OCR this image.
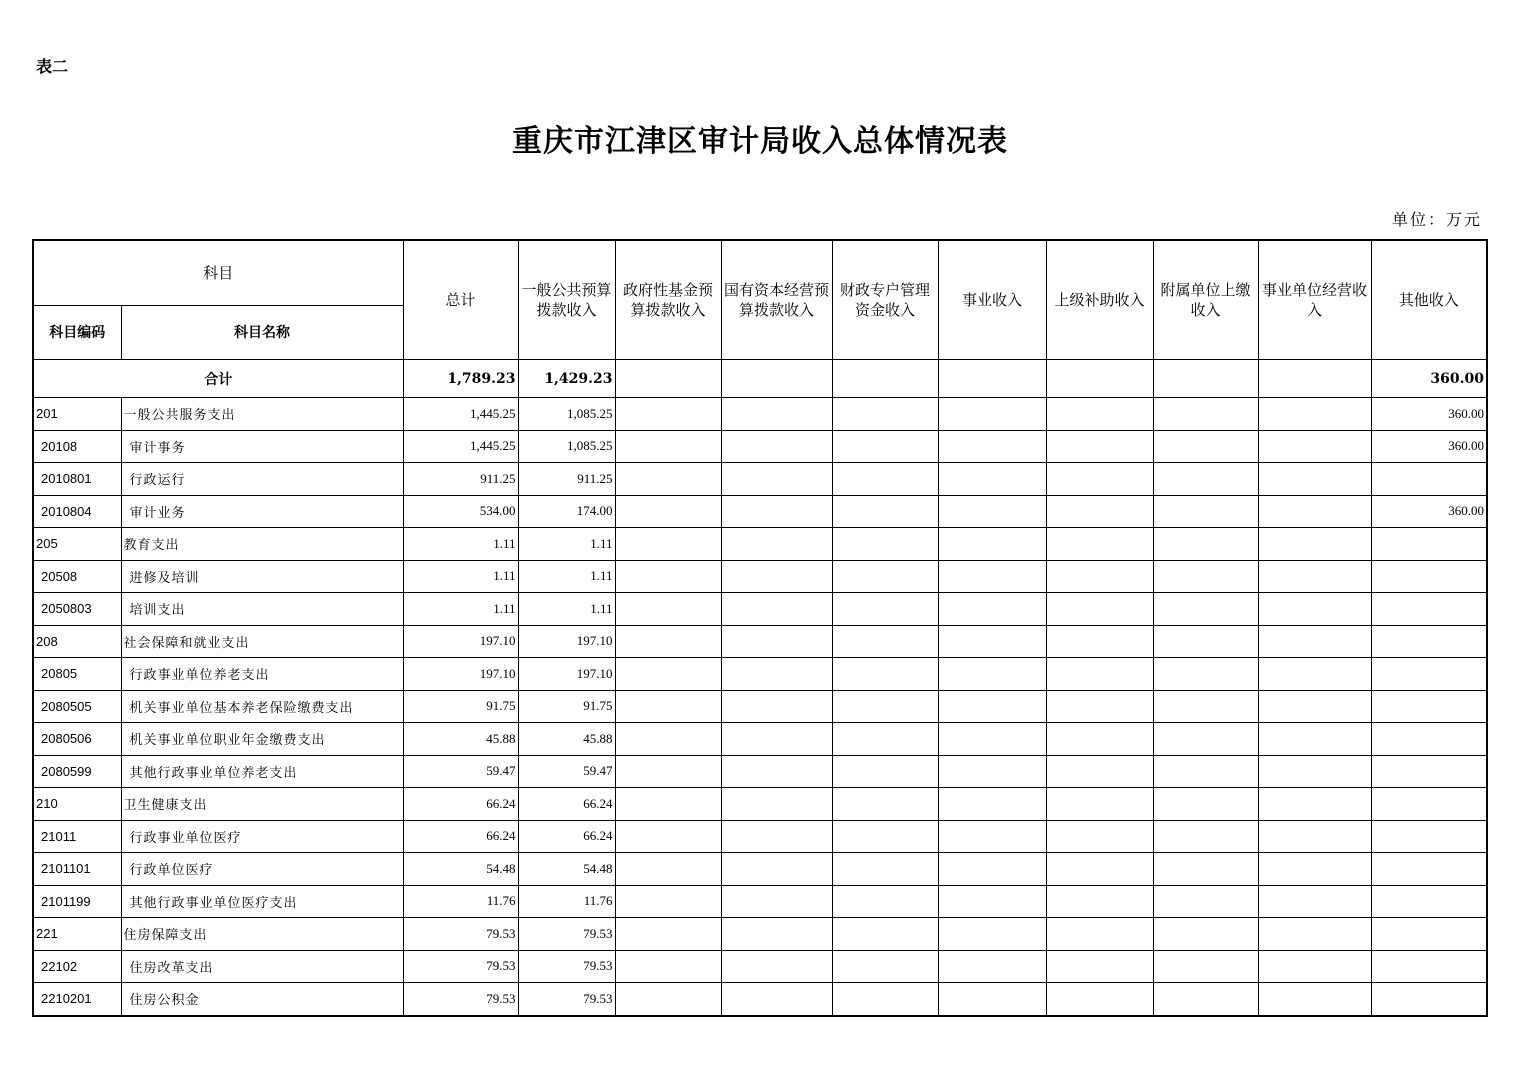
表二
重庆市江津区审计局收入总体情况表
单位：万元
科目		总计	一般公共预算拨款收入	政府性基金预算拨款收入	国有资本经营预算拨款收入	财政专户管理资金收入	事业收入	上级补助收入	附属单位上缴收入	事业单位经营收入	其他收入
科目编码	科目名称										
合计		1,789.23	1,429.23								360.00
201	一般公共服务支出	1,445.25	1,085.25								360.00
20108	审计事务	1,445.25	1,085.25								360.00
2010801	行政运行	911.25	911.25								
2010804	审计业务	534.00	174.00								360.00
205	教育支出	1.11	1.11								
20508	进修及培训	1.11	1.11								
2050803	培训支出	1.11	1.11								
208	社会保障和就业支出	197.10	197.10								
20805	行政事业单位养老支出	197.10	197.10								
2080505	机关事业单位基本养老保险缴费支出	91.75	91.75								
2080506	机关事业单位职业年金缴费支出	45.88	45.88								
2080599	其他行政事业单位养老支出	59.47	59.47								
210	卫生健康支出	66.24	66.24								
21011	行政事业单位医疗	66.24	66.24								
2101101	行政单位医疗	54.48	54.48								
2101199	其他行政事业单位医疗支出	11.76	11.76								
221	住房保障支出	79.53	79.53								
22102	住房改革支出	79.53	79.53								
2210201	住房公积金	79.53	79.53								
